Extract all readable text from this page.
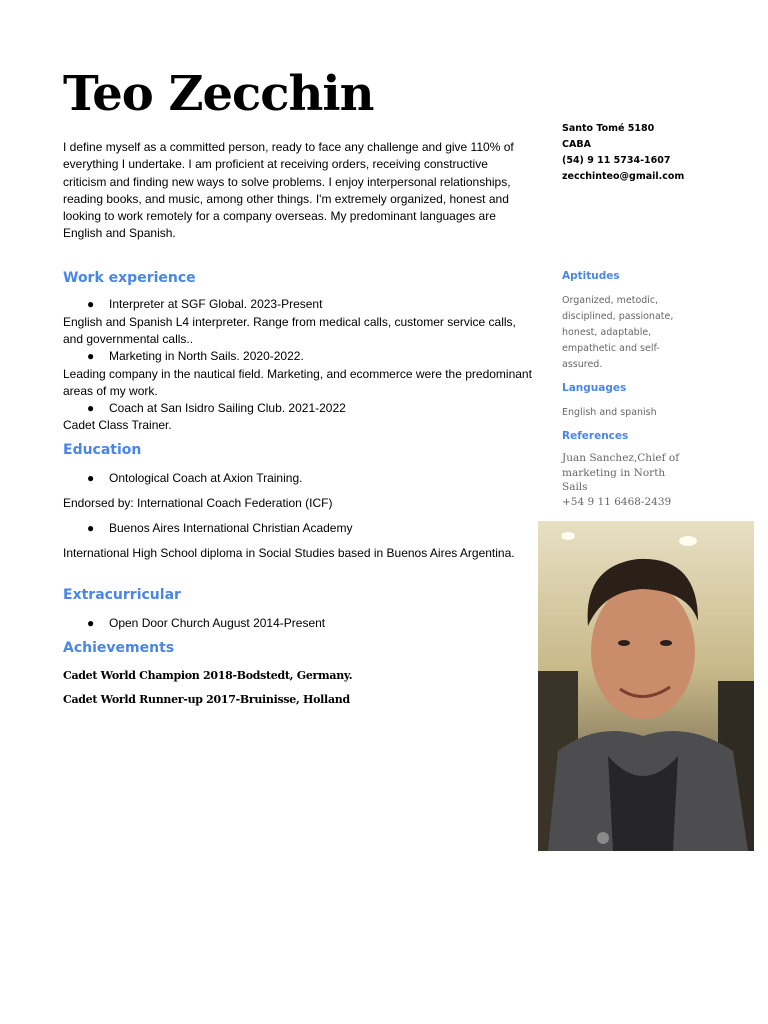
Teo Zecchin
I define myself as a committed person, ready to face any challenge and give 110% of everything I undertake. I am proficient at receiving orders, receiving constructive criticism and finding new ways to solve problems. I enjoy interpersonal relationships, reading books, and music, among other things. I'm extremely organized, honest and looking to work remotely for a company overseas. My predominant languages are English and Spanish.
Santo Tomé 5180
CABA
(54) 9 11 5734-1607
zecchinteo@gmail.com
Work experience
● Interpreter at SGF Global. 2023-Present
English and Spanish L4 interpreter. Range from medical calls, customer service calls, and governmental calls..
● Marketing in North Sails. 2020-2022.
Leading company in the nautical field. Marketing, and ecommerce were the predominant areas of my work.
● Coach at San Isidro Sailing Club. 2021-2022
Cadet Class Trainer.
Education
● Ontological Coach at Axion Training.
Endorsed by: International Coach Federation (ICF)
● Buenos Aires International Christian Academy
International High School diploma in Social Studies based in Buenos Aires Argentina.
Extracurricular
● Open Door Church August 2014-Present
Achievements
Cadet World Champion 2018-Bodstedt, Germany.
Cadet World Runner-up 2017-Bruinisse, Holland
Aptitudes
Organized, metodic, disciplined, passionate, honest, adaptable, empathetic and self-assured.
Languages
English and spanish
References
Juan Sanchez,Chief of
marketing in North
Sails
+54 9 11 6468-2439
